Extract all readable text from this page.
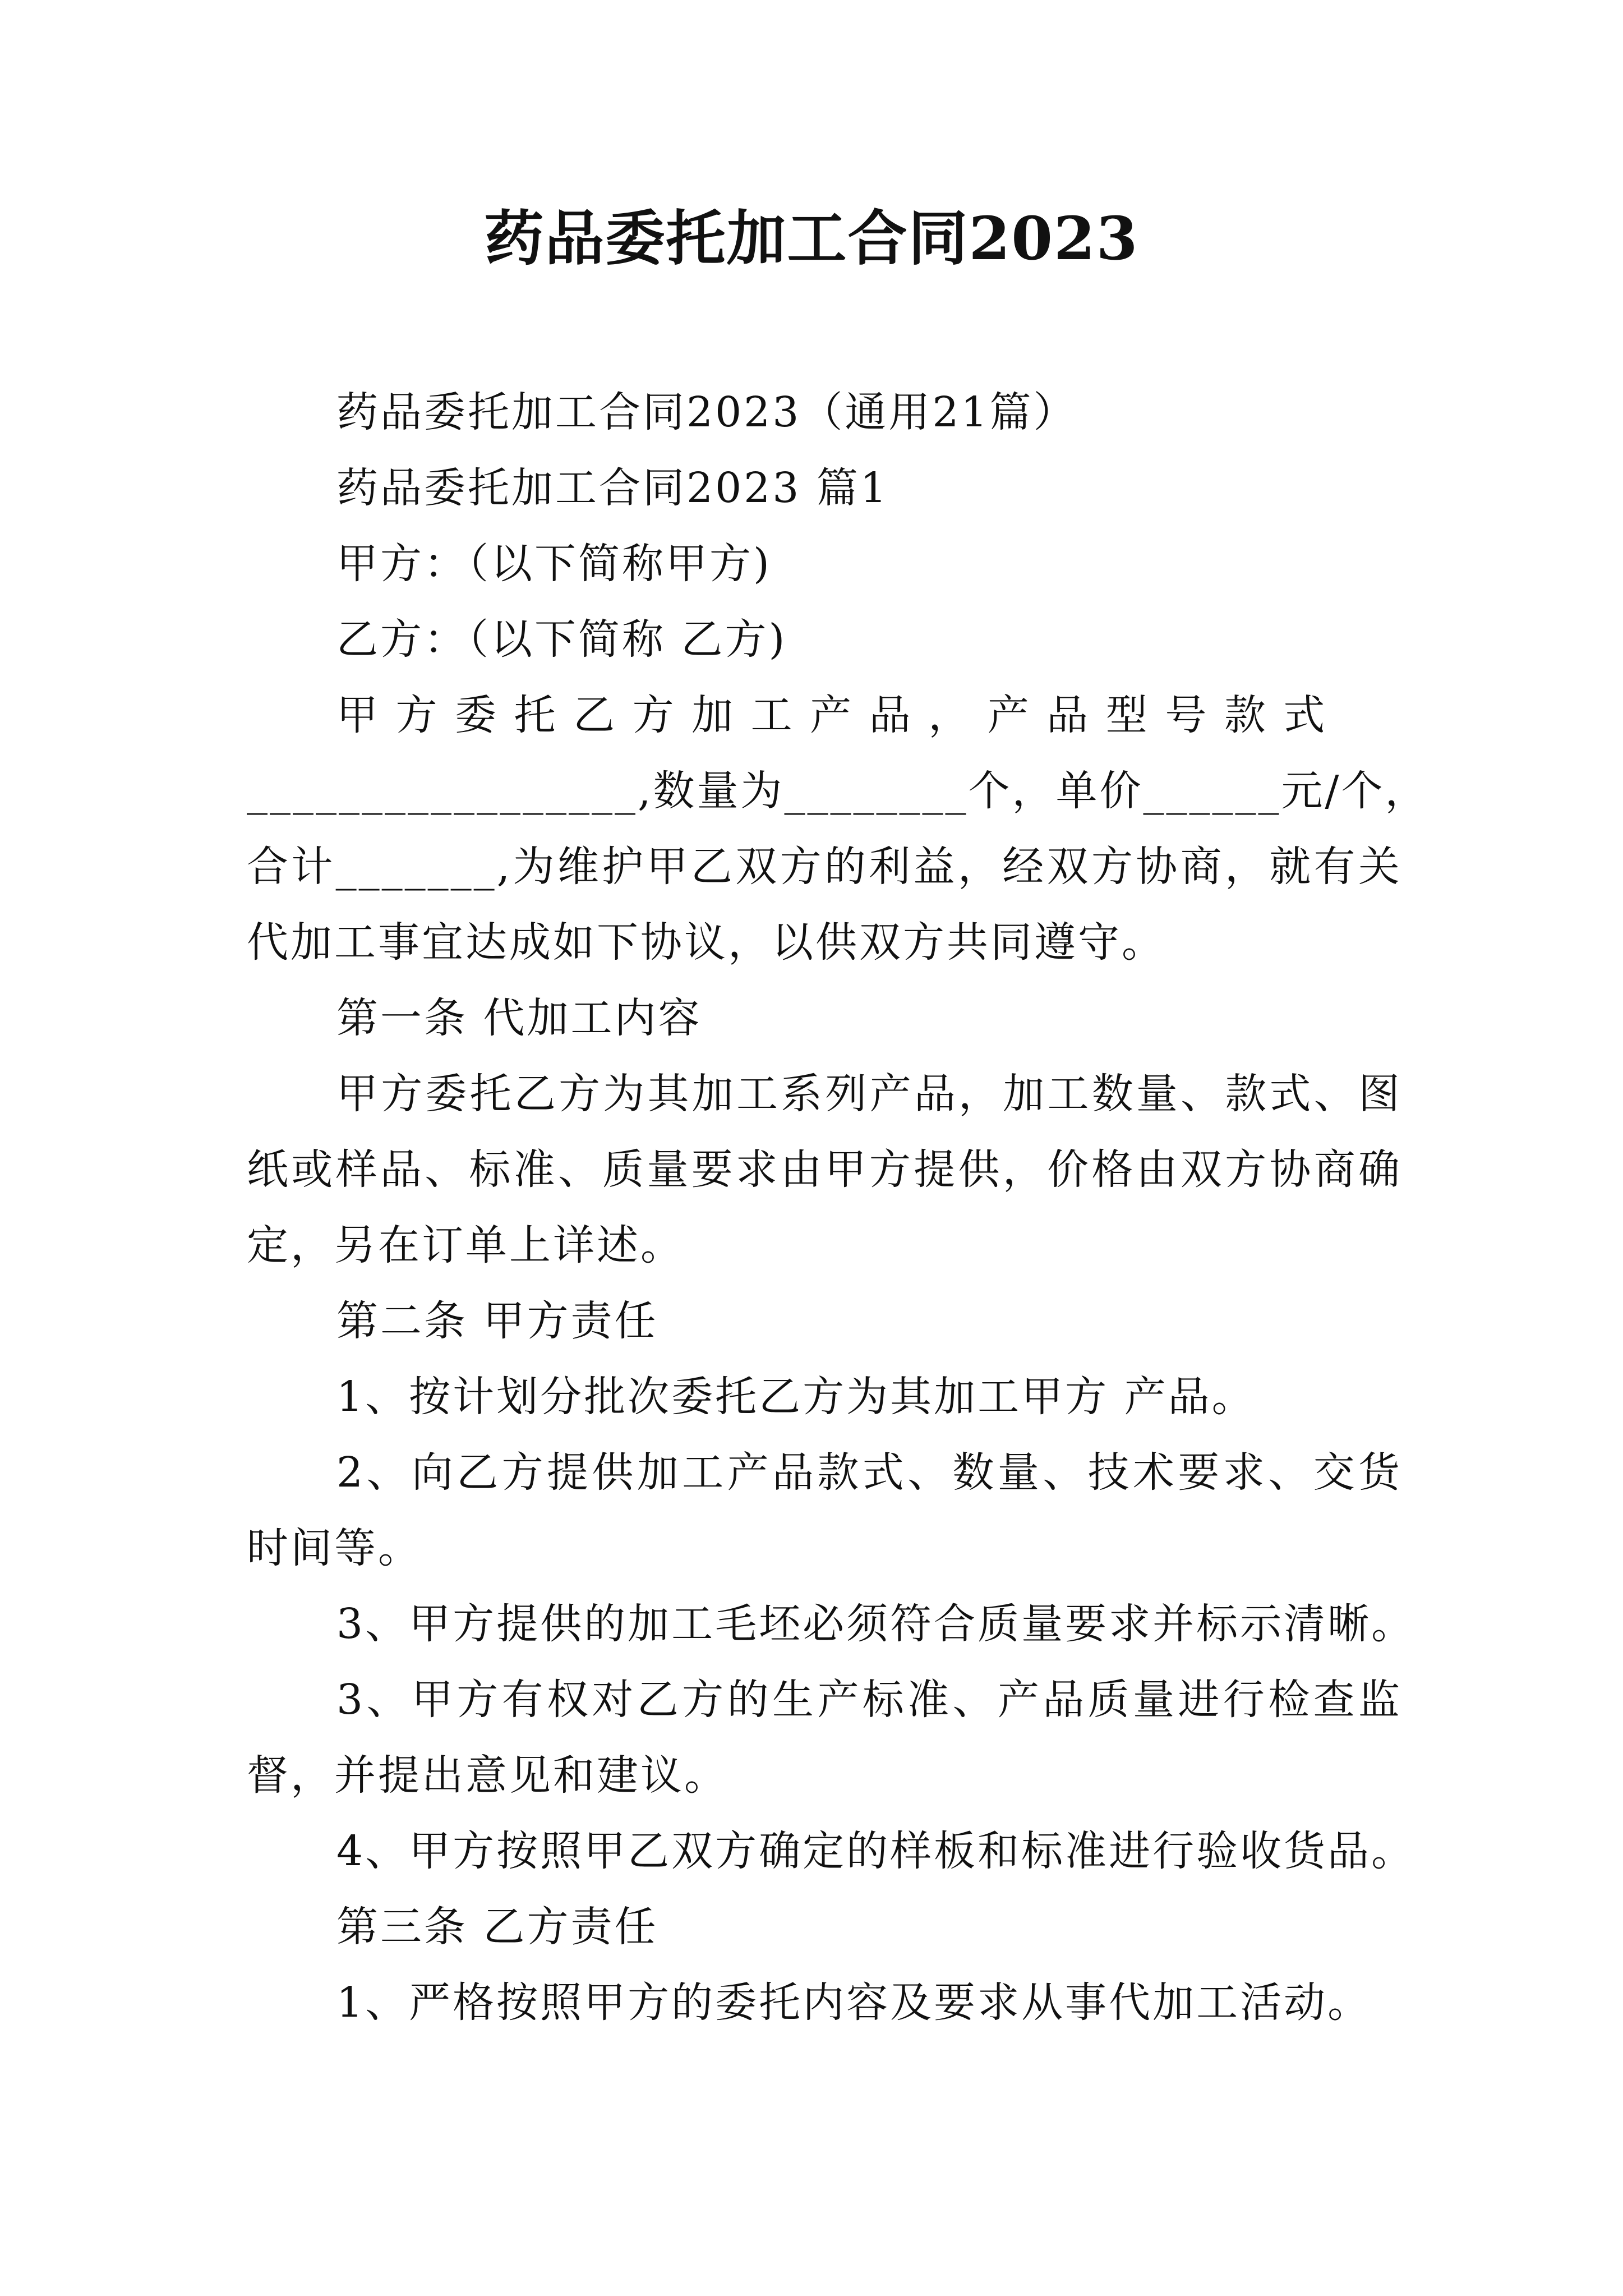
药品委托加工合同2023
药品委托加工合同2023（通用21篇）
药品委托加工合同2023 篇1
甲方：（以下简称甲方)
乙方：（以下简称 乙方)
甲 方 委 托 乙 方 加 工 产 品 ， 产 品 型 号 款 式
_________________,数量为________个，单价______元/个，
合计_______,为维护甲乙双方的利益，经双方协商，就有关
代加工事宜达成如下协议，以供双方共同遵守。
第一条 代加工内容
甲方委托乙方为其加工系列产品，加工数量、款式、图
纸或样品、标准、质量要求由甲方提供，价格由双方协商确
定，另在订单上详述。
第二条 甲方责任
1、按计划分批次委托乙方为其加工甲方 产品。
2、向乙方提供加工产品款式、数量、技术要求、交货
时间等。
3、甲方提供的加工毛坯必须符合质量要求并标示清晰。
3、甲方有权对乙方的生产标准、产品质量进行检查监
督，并提出意见和建议。
4、甲方按照甲乙双方确定的样板和标准进行验收货品。
第三条 乙方责任
1、严格按照甲方的委托内容及要求从事代加工活动。
